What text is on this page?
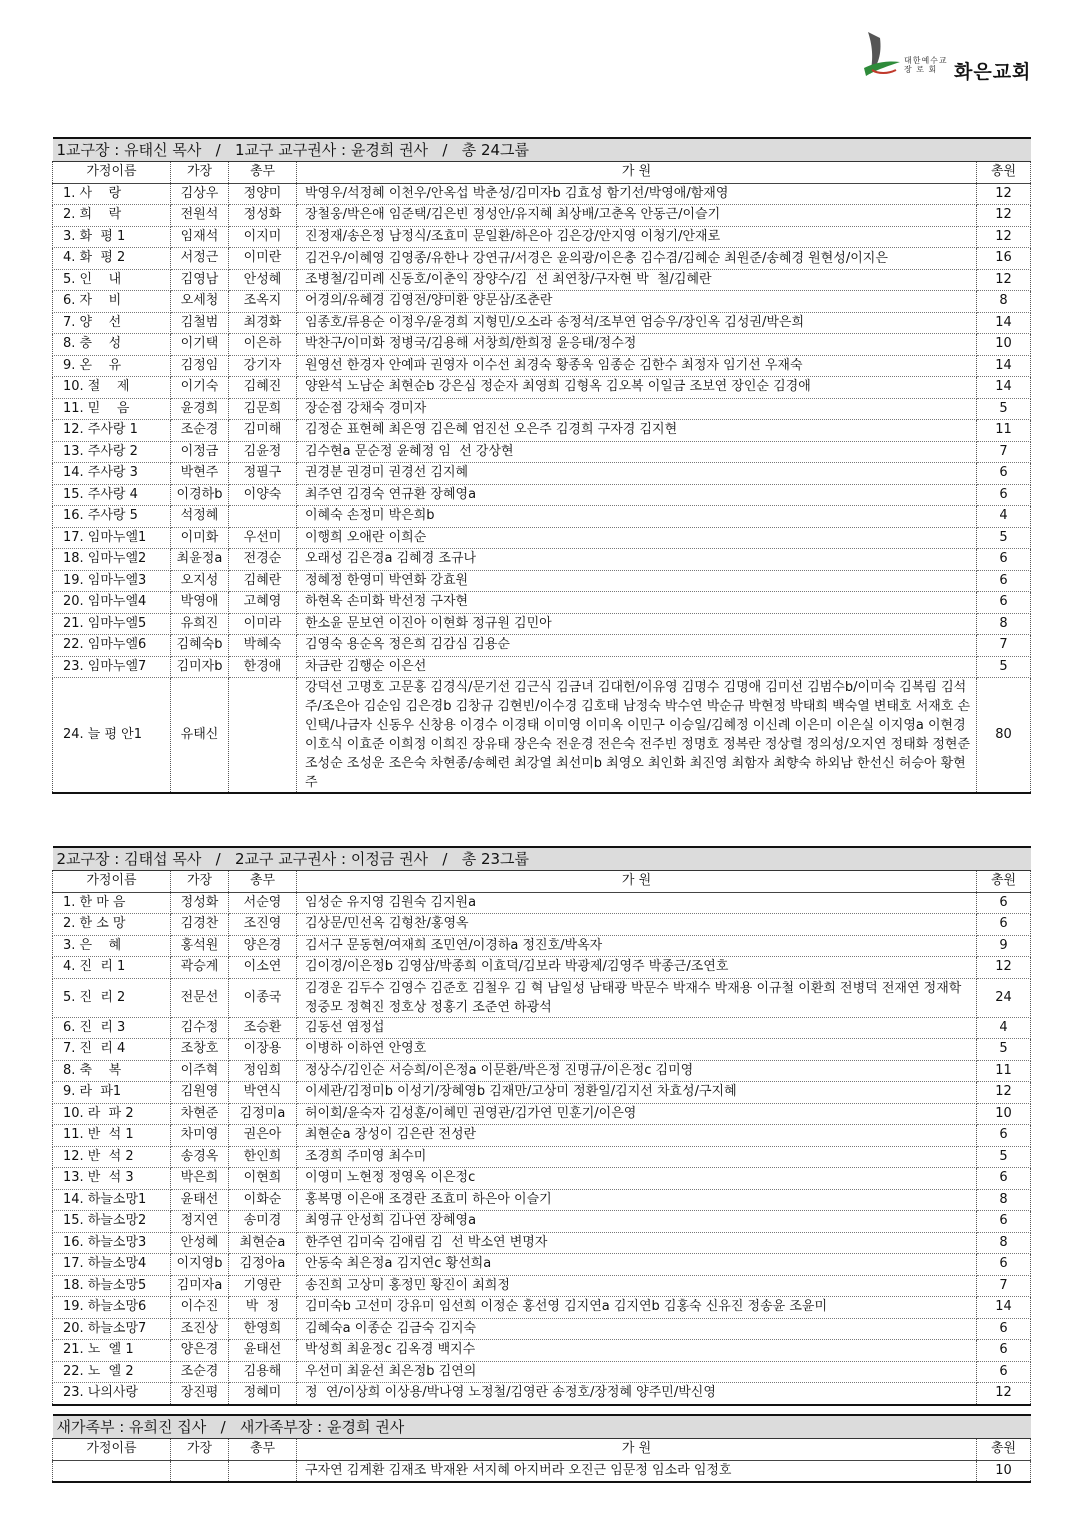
대한예수교
장 로 회 화은교회
1교구장 : 유태신 목사   /   1교구 교구권사 : 윤경희 권사   /   총 24그룹				
가정이름	가장	총무	가 원	총원
1. 사    랑	김상우	정양미	박영우/석정혜 이천우/안옥섭 박춘성/김미자b 김효성 함기선/박영애/함재영	12
2. 희    락	전원석	정성화	장철웅/박은애 임준택/김은빈 정성안/유지혜 최상배/고춘옥 안동근/이슬기	12
3. 화  평 1	임재석	이지미	진정재/송은정 남정식/조효미 문일환/하은아 김은강/안지영 이청기/안재로	12
4. 화  평 2	서정근	이미란	김건우/이혜영 김영종/유한나 강연규/서경은 윤의광/이은총 김수겸/김혜순 최원준/송혜경 원현성/이지은	16
5. 인    내	김영남	안성혜	조병철/김미례 신동호/이춘익 장양수/김  선 최연창/구자현 박  철/김혜란	12
6. 자    비	오세청	조옥지	어경의/유혜경 김영전/양미환 양문삼/조춘란	8
7. 양    선	김철범	최경화	임종호/류용순 이정우/윤경희 지형민/오소라 송정석/조부연 엄승우/장인옥 김성권/박은희	14
8. 충    성	이기택	이은하	박찬구/이미화 정병국/김용해 서창희/한희정 윤응태/정수정	10
9. 온    유	김정임	강기자	원영선 한경자 안예파 권영자 이수선 최경숙 황종욱 임종순 김한수 최정자 임기선 우재숙	14
10. 절    제	이기숙	김혜진	양완석 노남순 최현순b 강은심 정순자 최영희 김형옥 김오복 이일금 조보연 장인순 김경애	14
11. 믿    음	윤경희	김문희	장순점 강채숙 경미자	5
12. 주사랑 1	조순경	김미해	김정순 표현혜 최은영 김은혜 엄진선 오은주 김경희 구자경 김지현	11
13. 주사랑 2	이정금	김윤정	김수현a 문순정 윤혜정 임  선 강상현	7
14. 주사랑 3	박현주	정필구	권경분 권경미 권경선 김지혜	6
15. 주사랑 4	이경하b	이양숙	최주연 김경숙 연규환 장혜영a	6
16. 주사랑 5	석정혜		이혜숙 손정미 박은희b	4
17. 임마누엘1	이미화	우선미	이행희 오애란 이희순	5
18. 임마누엘2	최윤정a	전경순	오래성 김은경a 김혜경 조규나	6
19. 임마누엘3	오지성	김혜란	정혜정 한영미 박연화 강효원	6
20. 임마누엘4	박영애	고혜영	하현옥 손미화 박선정 구자현	6
21. 임마누엘5	유희진	이미라	한소윤 문보연 이진아 이현화 정규원 김민아	8
22. 임마누엘6	김혜숙b	박혜숙	김영숙 용순옥 정은희 김감심 김용순	7
23. 임마누엘7	김미자b	한경애	차금란 김행순 이은선	5
24. 늘 평 안1	유태신		강덕선 고명호 고문홍 김경식/문기선 김근식 김금녀 김대헌/이유영 김명수 김명애 김미선 김범수b/이미숙 김복림 김석주/조은아 김순임 김은경b 김창규 김현빈/이수경 김호태 남정숙 박수연 박순규 박현정 박태희 백숙열 변태호 서재호 손인택/나금자 신동우 신창용 이경수 이경태 이미영 이미옥 이민구 이승일/김혜정 이신례 이은미 이은실 이지영a 이현경 이호식 이효준 이희정 이희진 장유태 장은숙 전운경 전은숙 전주빈 정명호 정복란 정상렬 정의성/오지연 정태화 정현준 조성순 조성운 조은숙 차현종/송혜련 최강열 최선미b 최영오 최인화 최진영 최함자 최향숙 하외남 한선신 허승아 황현주	80
2교구장 : 김태섭 목사   /   2교구 교구권사 : 이정금 권사   /   총 23그룹				
가정이름	가장	총무	가 원	총원
1. 한 마 음	정성화	서순영	임성순 유지영 김원숙 김지원a	6
2. 한 소 망	김경찬	조진영	김상문/민선옥 김형찬/홍영옥	6
3. 은    혜	홍석원	양은경	김서구 문동현/여재희 조민연/이경하a 정진호/박옥자	9
4. 진  리 1	곽승계	이소연	김이경/이은정b 김영삼/박종희 이효덕/김보라 박광제/김영주 박종근/조연호	12
5. 진  리 2	전문선	이종국	김경운 김두수 김영수 김준호 김철우 김 혁 남일성 남태광 박문수 박재수 박재용 이규철 이환희 전병덕 전재연 정재학 정중모 정혁진 정호상 정홍기 조준연 하광석	24
6. 진  리 3	김수정	조승환	김동선 염정섭	4
7. 진  리 4	조창호	이장용	이병하 이하연 안영호	5
8. 축    복	이주혁	정임희	정상수/김인순 서승희/이은정a 이문환/박은정 진명규/이은정c 김미영	11
9. 라  파1	김원영	박연식	이세관/김정미b 이성기/장혜영b 김재만/고상미 정환일/김지선 차효성/구지혜	12
10. 라  파 2	차현준	김정미a	허이회/윤숙자 김성훈/이혜민 권영관/김가연 민훈기/이은영	10
11. 반  석 1	차미영	권은아	최현순a 장성이 김은란 전성란	6
12. 반  석 2	송경옥	한인희	조경희 주미영 최수미	5
13. 반  석 3	박은희	이현희	이영미 노현정 정영옥 이은정c	6
14. 하늘소망1	윤태선	이화순	홍복명 이은애 조경란 조효미 하은아 이슬기	8
15. 하늘소망2	정지연	송미경	최영규 안성희 김나연 장혜영a	6
16. 하늘소망3	안성혜	최현순a	한주연 김미숙 김애림 김  선 박소연 변명자	8
17. 하늘소망4	이지영b	김정아a	안동숙 최은정a 김지연c 황선희a	6
18. 하늘소망5	김미자a	기영란	송진희 고상미 홍정민 황진이 최희정	7
19. 하늘소망6	이수진	박  정	김미숙b 고선미 강유미 임선희 이정순 홍선영 김지연a 김지연b 김홍숙 신유진 정송윤 조윤미	14
20. 하늘소망7	조진상	한영희	김혜숙a 이종순 김금숙 김지숙	6
21. 노  엘 1	양은경	윤태선	박성희 최윤정c 김옥경 백지수	6
22. 노  엘 2	조순경	김용해	우선미 최윤선 최은정b 김연의	6
23. 나의사랑	장진평	정혜미	정  연/이상희 이상용/박나영 노정철/김영란 송정호/장정혜 양주민/박신영	12
새가족부 : 유희진 집사   /   새가족부장 : 윤경희 권사				
가정이름	가장	총무	가 원	총원
			구자연 김계환 김재조 박재완 서지혜 아지버라 오진근 임문정 임소라 임정호	10
